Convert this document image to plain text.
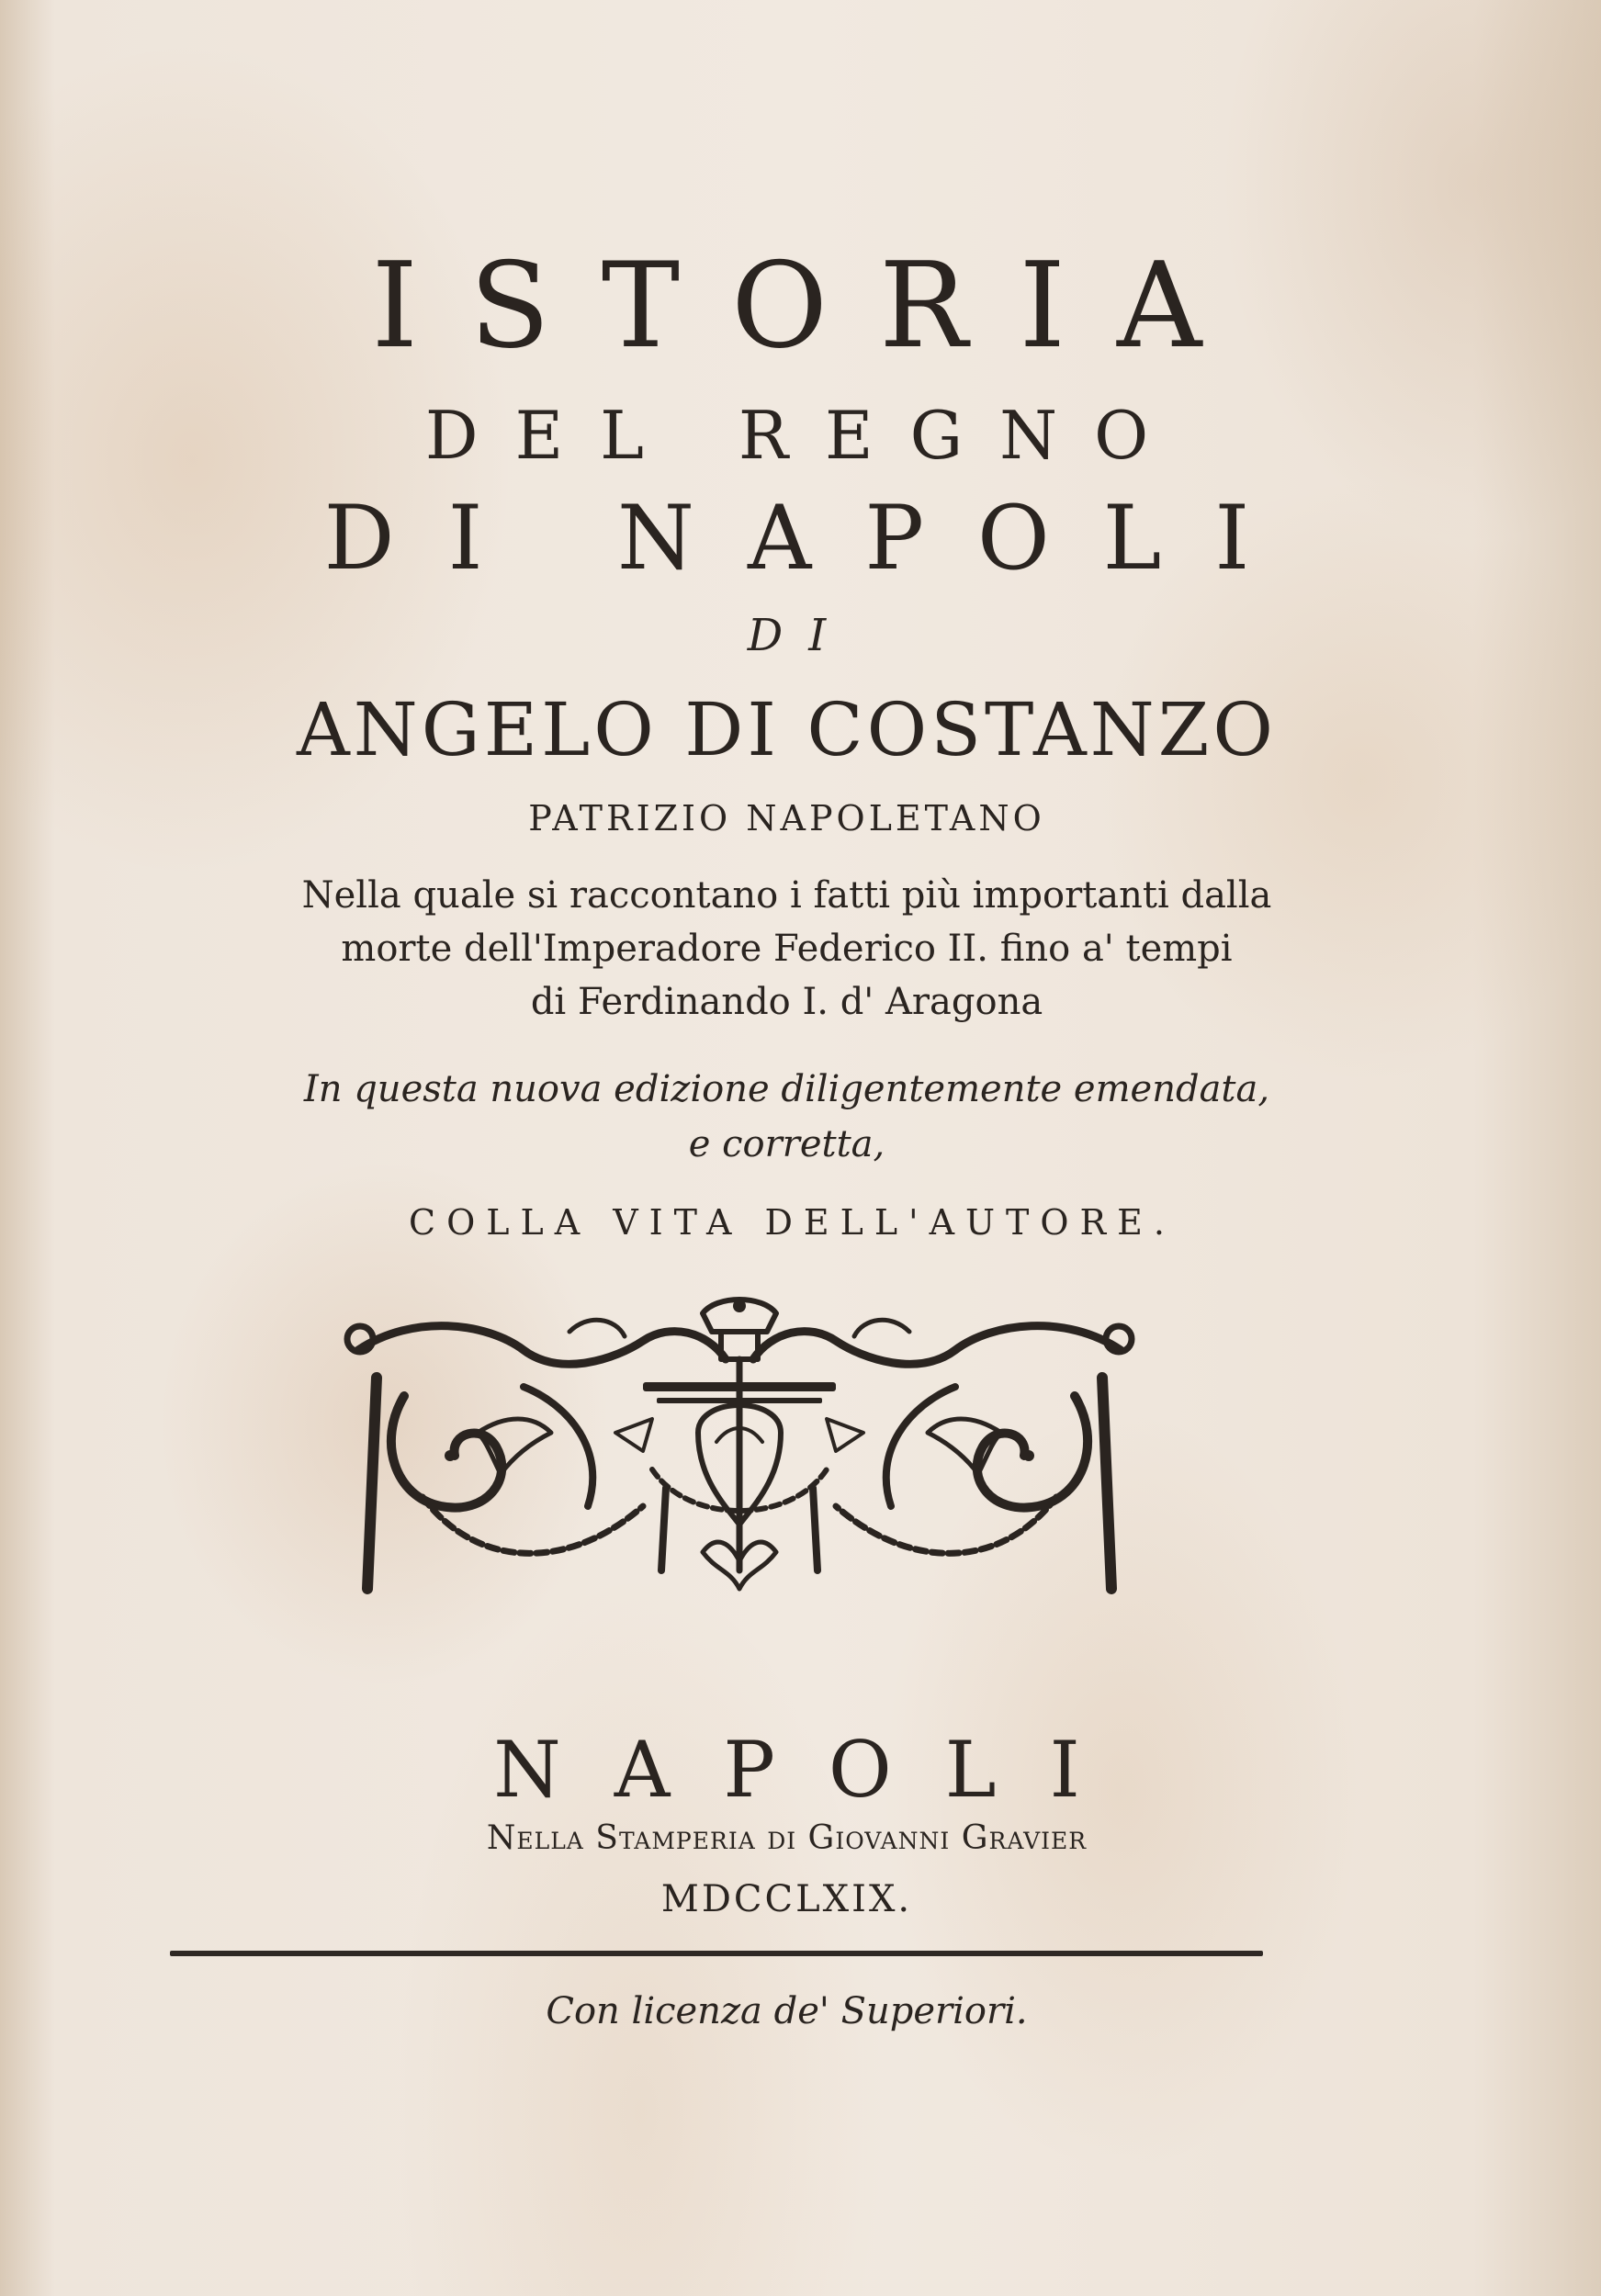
ISTORIA
DEL REGNO
DI NAPOLI
DI
ANGELO DI COSTANZO
PATRIZIO NAPOLETANO
Nella quale si raccontano i fatti più importanti dalla
morte dell'Imperadore Federico II. fino a' tempi
di Ferdinando I. d' Aragona
In questa nuova edizione diligentemente emendata,
e corretta,
COLLA VITA DELL'AUTORE.
NAPOLI
Nella Stamperia di Giovanni Gravier
MDCCLXIX.
Con licenza de' Superiori.
